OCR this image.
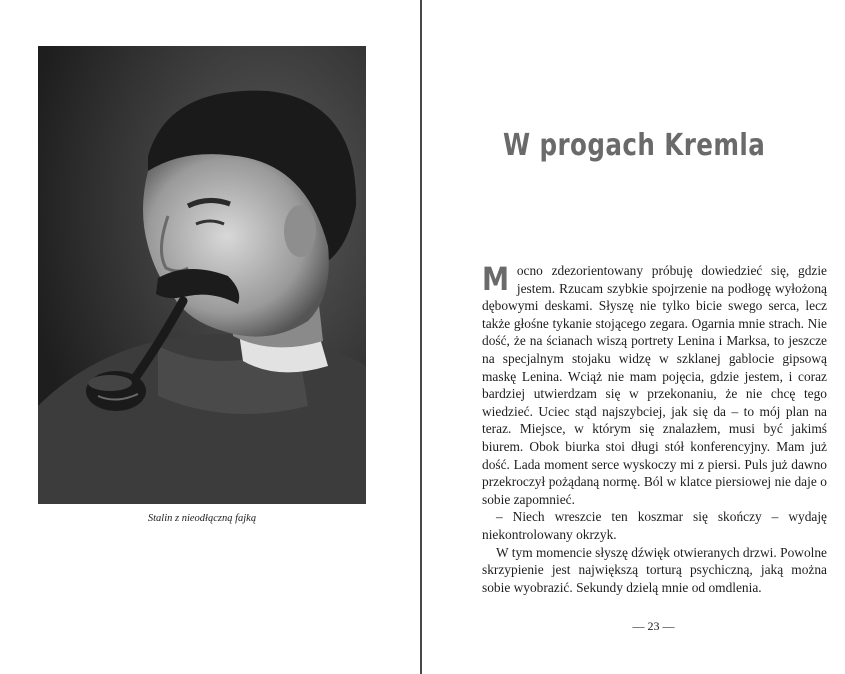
Stalin z nieodłączną fajką
W progach Kremla

Mocno zdezorientowany próbuję dowiedzieć się, gdzie jestem. Rzucam szybkie spojrzenie na podłogę wyłożoną dębowymi deskami. Słyszę nie tylko bicie swego serca, lecz także głośne tykanie stojącego zegara. Ogarnia mnie strach. Nie dość, że na ścianach wiszą portrety Lenina i Marksa, to jeszcze na specjalnym stojaku widzę w szklanej gablocie gipsową maskę Lenina. Wciąż nie mam pojęcia, gdzie jestem, i coraz bardziej utwierdzam się w przekonaniu, że nie chcę tego wiedzieć. Uciec stąd najszybciej, jak się da – to mój plan na teraz. Miejsce, w którym się znalazłem, musi być jakimś biurem. Obok biurka stoi długi stół konferencyjny. Mam już dość. Lada moment serce wyskoczy mi z piersi. Puls już dawno przekroczył pożądaną normę. Ból w klatce piersiowej nie daje o sobie zapomnieć.

– Niech wreszcie ten koszmar się skończy – wydaję niekontrolowany okrzyk.

W tym momencie słyszę dźwięk otwieranych drzwi. Powolne skrzypienie jest największą torturą psychiczną, jaką można sobie wyobrazić. Sekundy dzielą mnie od omdlenia.

— 23 —
